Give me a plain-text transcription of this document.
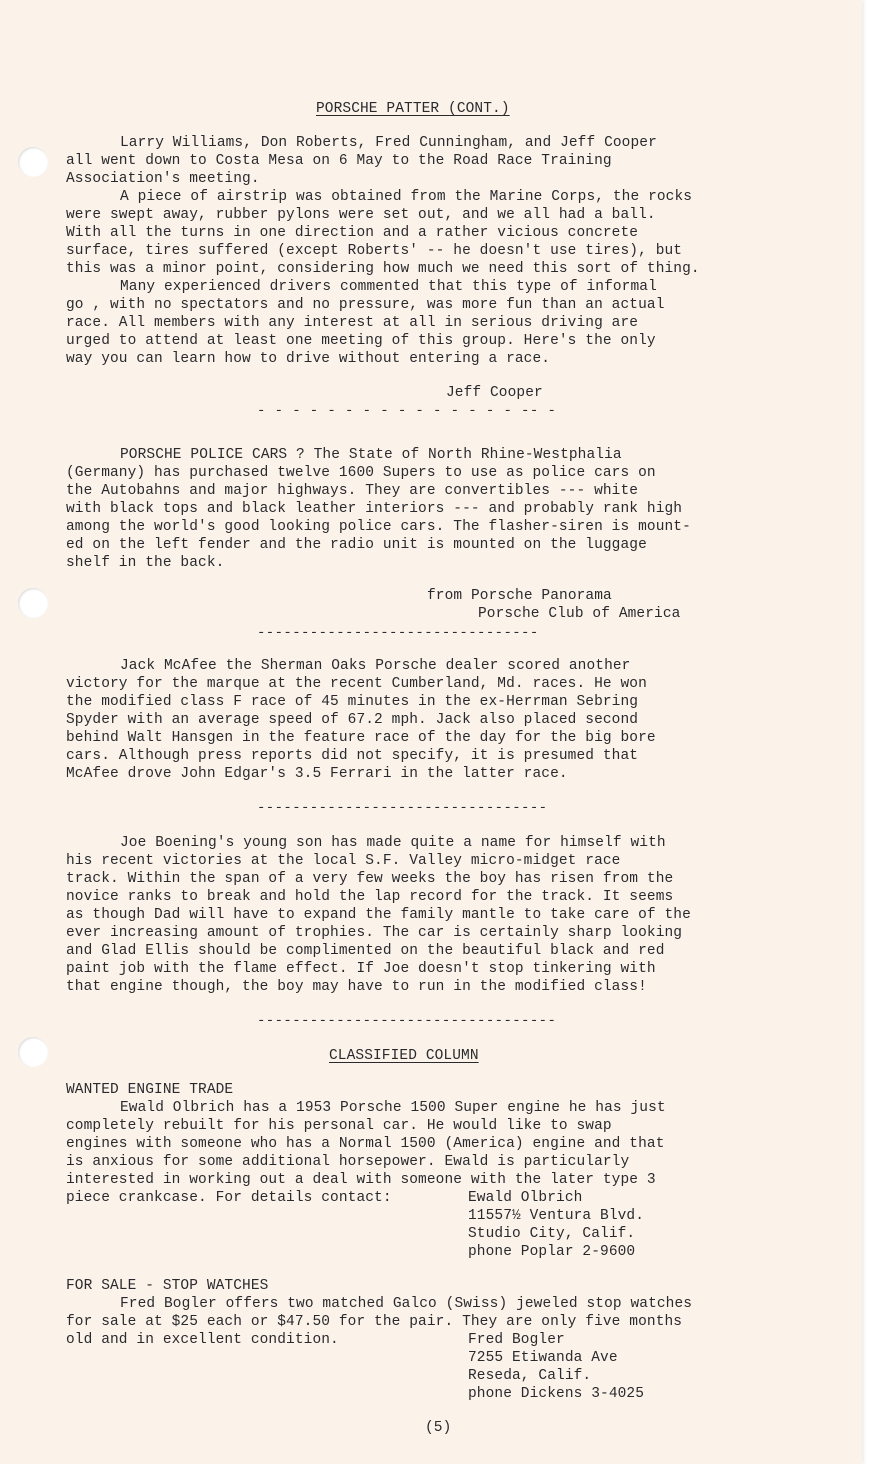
PORSCHE PATTER (CONT.)
Larry Williams, Don Roberts, Fred Cunningham, and Jeff Cooper
all went down to Costa Mesa on 6 May to the Road Race Training
Association's meeting.
A piece of airstrip was obtained from the Marine Corps, the rocks
were swept away, rubber pylons were set out, and we all had a ball.
With all the turns in one direction and a rather vicious concrete
surface, tires suffered (except Roberts' -- he doesn't use tires), but
this was a minor point, considering how much we need this sort of thing.
Many experienced drivers commented that this type of informal
go , with no spectators and no pressure, was more fun than an actual
race. All members with any interest at all in serious driving are
urged to attend at least one meeting of this group. Here's the only
way you can learn how to drive without entering a race.
Jeff Cooper
- - - - - - - - - - - - - - - -- -
PORSCHE POLICE CARS ? The State of North Rhine-Westphalia
(Germany) has purchased twelve 1600 Supers to use as police cars on
the Autobahns and major highways. They are convertibles --- white
with black tops and black leather interiors --- and probably rank high
among the world's good looking police cars. The flasher-siren is mount-
ed on the left fender and the radio unit is mounted on the luggage
shelf in the back.
from Porsche Panorama
Porsche Club of America
--------------------------------
Jack McAfee the Sherman Oaks Porsche dealer scored another
victory for the marque at the recent Cumberland, Md. races. He won
the modified class F race of 45 minutes in the ex-Herrman Sebring
Spyder with an average speed of 67.2 mph. Jack also placed second
behind Walt Hansgen in the feature race of the day for the big bore
cars. Although press reports did not specify, it is presumed that
McAfee drove John Edgar's 3.5 Ferrari in the latter race.
---------------------------------
Joe Boening's young son has made quite a name for himself with
his recent victories at the local S.F. Valley micro-midget race
track. Within the span of a very few weeks the boy has risen from the
novice ranks to break and hold the lap record for the track. It seems
as though Dad will have to expand the family mantle to take care of the
ever increasing amount of trophies. The car is certainly sharp looking
and Glad Ellis should be complimented on the beautiful black and red
paint job with the flame effect. If Joe doesn't stop tinkering with
that engine though, the boy may have to run in the modified class!
----------------------------------
CLASSIFIED COLUMN
WANTED ENGINE TRADE
Ewald Olbrich has a 1953 Porsche 1500 Super engine he has just
completely rebuilt for his personal car. He would like to swap
engines with someone who has a Normal 1500 (America) engine and that
is anxious for some additional horsepower. Ewald is particularly
interested in working out a deal with someone with the later type 3
piece crankcase. For details contact:	Ewald Olbrich
11557½ Ventura Blvd.
Studio City, Calif.
phone Poplar 2-9600
FOR SALE - STOP WATCHES
Fred Bogler offers two matched Galco (Swiss) jeweled stop watches
for sale at $25 each or $47.50 for the pair. They are only five months
old and in excellent condition.	Fred Bogler
7255 Etiwanda Ave
Reseda, Calif.
phone Dickens 3-4025
(5)
